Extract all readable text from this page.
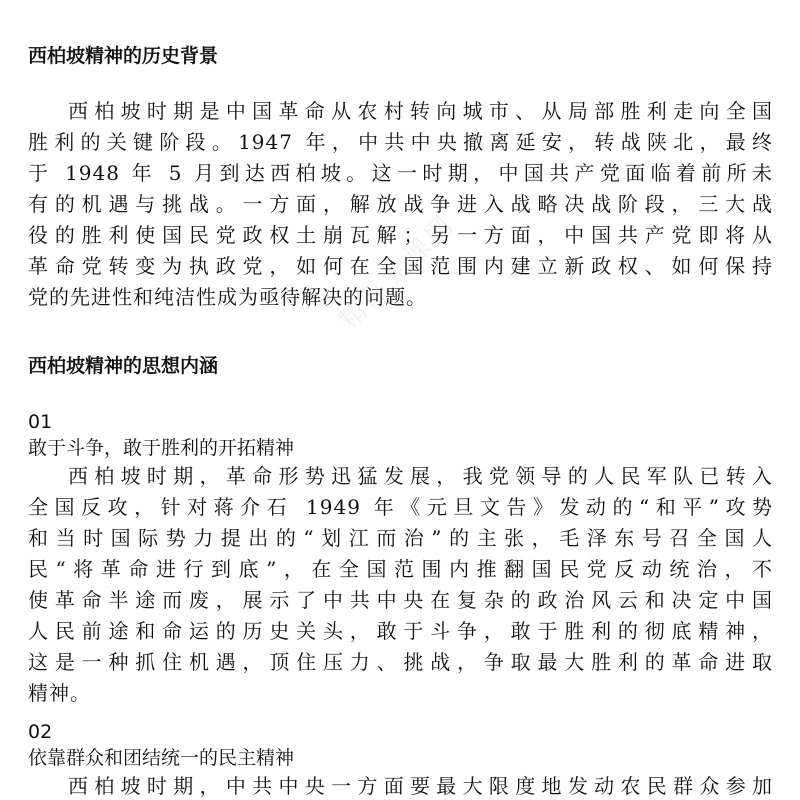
精品党课网
西柏坡精神的历史背景
西柏坡时期是中国革命从农村转向城市、从局部胜利走向全国
胜利的关键阶段。1947 年，中共中央撤离延安，转战陕北，最终
于 1948 年 5 月到达西柏坡。这一时期，中国共产党面临着前所未
有的机遇与挑战。一方面，解放战争进入战略决战阶段，三大战
役的胜利使国民党政权土崩瓦解；另一方面，中国共产党即将从
革命党转变为执政党，如何在全国范围内建立新政权、如何保持
党的先进性和纯洁性成为亟待解决的问题。
西柏坡精神的思想内涵
01
敢于斗争，敢于胜利的开拓精神
西柏坡时期，革命形势迅猛发展，我党领导的人民军队已转入
全国反攻，针对蒋介石 1949 年《元旦文告》发动的“和平”攻势
和当时国际势力提出的“划江而治”的主张，毛泽东号召全国人
民“将革命进行到底”，在全国范围内推翻国民党反动统治，不
使革命半途而废，展示了中共中央在复杂的政治风云和决定中国
人民前途和命运的历史关头，敢于斗争，敢于胜利的彻底精神，
这是一种抓住机遇，顶住压力、挑战，争取最大胜利的革命进取
精神。
02
依靠群众和团结统一的民主精神
西柏坡时期，中共中央一方面要最大限度地发动农民群众参加
